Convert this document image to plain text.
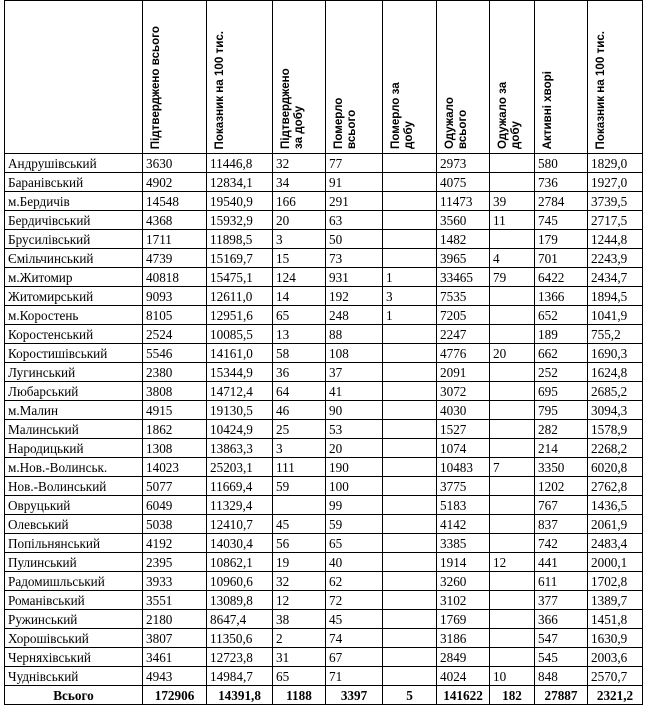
	Підтверджено всього	Показник на 100 тис.	Підтверджено за добу	Померло всього	Померло за добу	Одужало всього	Одужало за добу	Активні хворі	Показник на 100 тис.

Андрушівський	3630	11446,8	32	77		2973		580	1829,0
Баранівський	4902	12834,1	34	91		4075		736	1927,0
м.Бердичів	14548	19540,9	166	291		11473	39	2784	3739,5
Бердичівський	4368	15932,9	20	63		3560	11	745	2717,5
Брусилівський	1711	11898,5	3	50		1482		179	1244,8
Ємільчинський	4739	15169,7	15	73		3965	4	701	2243,9
м.Житомир	40818	15475,1	124	931	1	33465	79	6422	2434,7
Житомирський	9093	12611,0	14	192	3	7535		1366	1894,5
м.Коростень	8105	12951,6	65	248	1	7205		652	1041,9
Коростенський	2524	10085,5	13	88		2247		189	755,2
Коростишівський	5546	14161,0	58	108		4776	20	662	1690,3
Лугинський	2380	15344,9	36	37		2091		252	1624,8
Любарський	3808	14712,4	64	41		3072		695	2685,2
м.Малин	4915	19130,5	46	90		4030		795	3094,3
Малинський	1862	10424,9	25	53		1527		282	1578,9
Народицький	1308	13863,3	3	20		1074		214	2268,2
м.Нов.-Волинськ.	14023	25203,1	111	190		10483	7	3350	6020,8
Нов.-Волинський	5077	11669,4	59	100		3775		1202	2762,8
Овруцький	6049	11329,4		99		5183		767	1436,5
Олевський	5038	12410,7	45	59		4142		837	2061,9
Попільнянський	4192	14030,4	56	65		3385		742	2483,4
Пулинський	2395	10862,1	19	40		1914	12	441	2000,1
Радомишльський	3933	10960,6	32	62		3260		611	1702,8
Романівський	3551	13089,8	12	72		3102		377	1389,7
Ружинський	2180	8647,4	38	45		1769		366	1451,8
Хорошівський	3807	11350,6	2	74		3186		547	1630,9
Черняхівський	3461	12723,8	31	67		2849		545	2003,6
Чуднівський	4943	14984,7	65	71		4024	10	848	2570,7
Всього	172906	14391,8	1188	3397	5	141622	182	27887	2321,2
